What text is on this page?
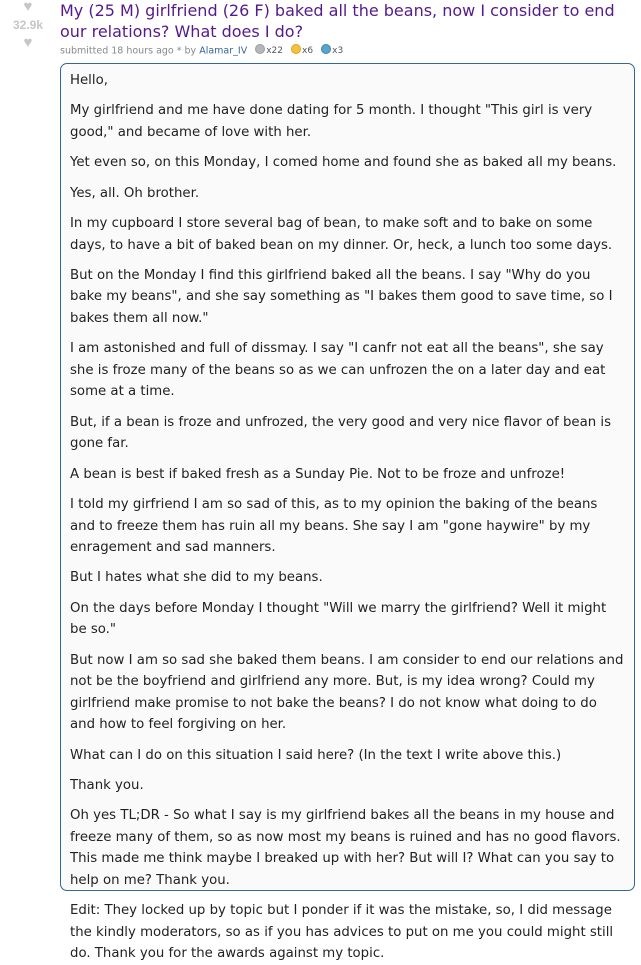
♥
32.9k
♥
My (25 M) girlfriend (26 F) baked all the beans, now I consider to end our relations? What does I do?
submitted 18 hours ago * by Alamar_IV x22 x6 x3

Hello,

My girlfriend and me have done dating for 5 month. I thought "This girl is very good," and became of love with her.

Yet even so, on this Monday, I comed home and found she as baked all my beans.

Yes, all. Oh brother.

In my cupboard I store several bag of bean, to make soft and to bake on some days, to have a bit of baked bean on my dinner. Or, heck, a lunch too some days.

But on the Monday I find this girlfriend baked all the beans. I say "Why do you bake my beans", and she say something as "I bakes them good to save time, so I bakes them all now."

I am astonished and full of dissmay. I say "I canfr not eat all the beans", she say she is froze many of the beans so as we can unfrozen the on a later day and eat some at a time.

But, if a bean is froze and unfrozed, the very good and very nice flavor of bean is gone far.

A bean is best if baked fresh as a Sunday Pie. Not to be froze and unfroze!

I told my girfriend I am so sad of this, as to my opinion the baking of the beans and to freeze them has ruin all my beans. She say I am "gone haywire" by my enragement and sad manners.

But I hates what she did to my beans.

On the days before Monday I thought "Will we marry the girlfriend? Well it might be so."

But now I am so sad she baked them beans. I am consider to end our relations and not be the boyfriend and girlfriend any more. But, is my idea wrong? Could my girlfriend make promise to not bake the beans? I do not know what doing to do and how to feel forgiving on her.

What can I do on this situation I said here? (In the text I write above this.)

Thank you.

Oh yes TL;DR - So what I say is my girlfriend bakes all the beans in my house and freeze many of them, so as now most my beans is ruined and has no good flavors. This made me think maybe I breaked up with her? But will I? What can you say to help on me? Thank you.

Edit: They locked up by topic but I ponder if it was the mistake, so, I did message the kindly moderators, so as if you has advices to put on me you could might still do. Thank you for the awards against my topic.
